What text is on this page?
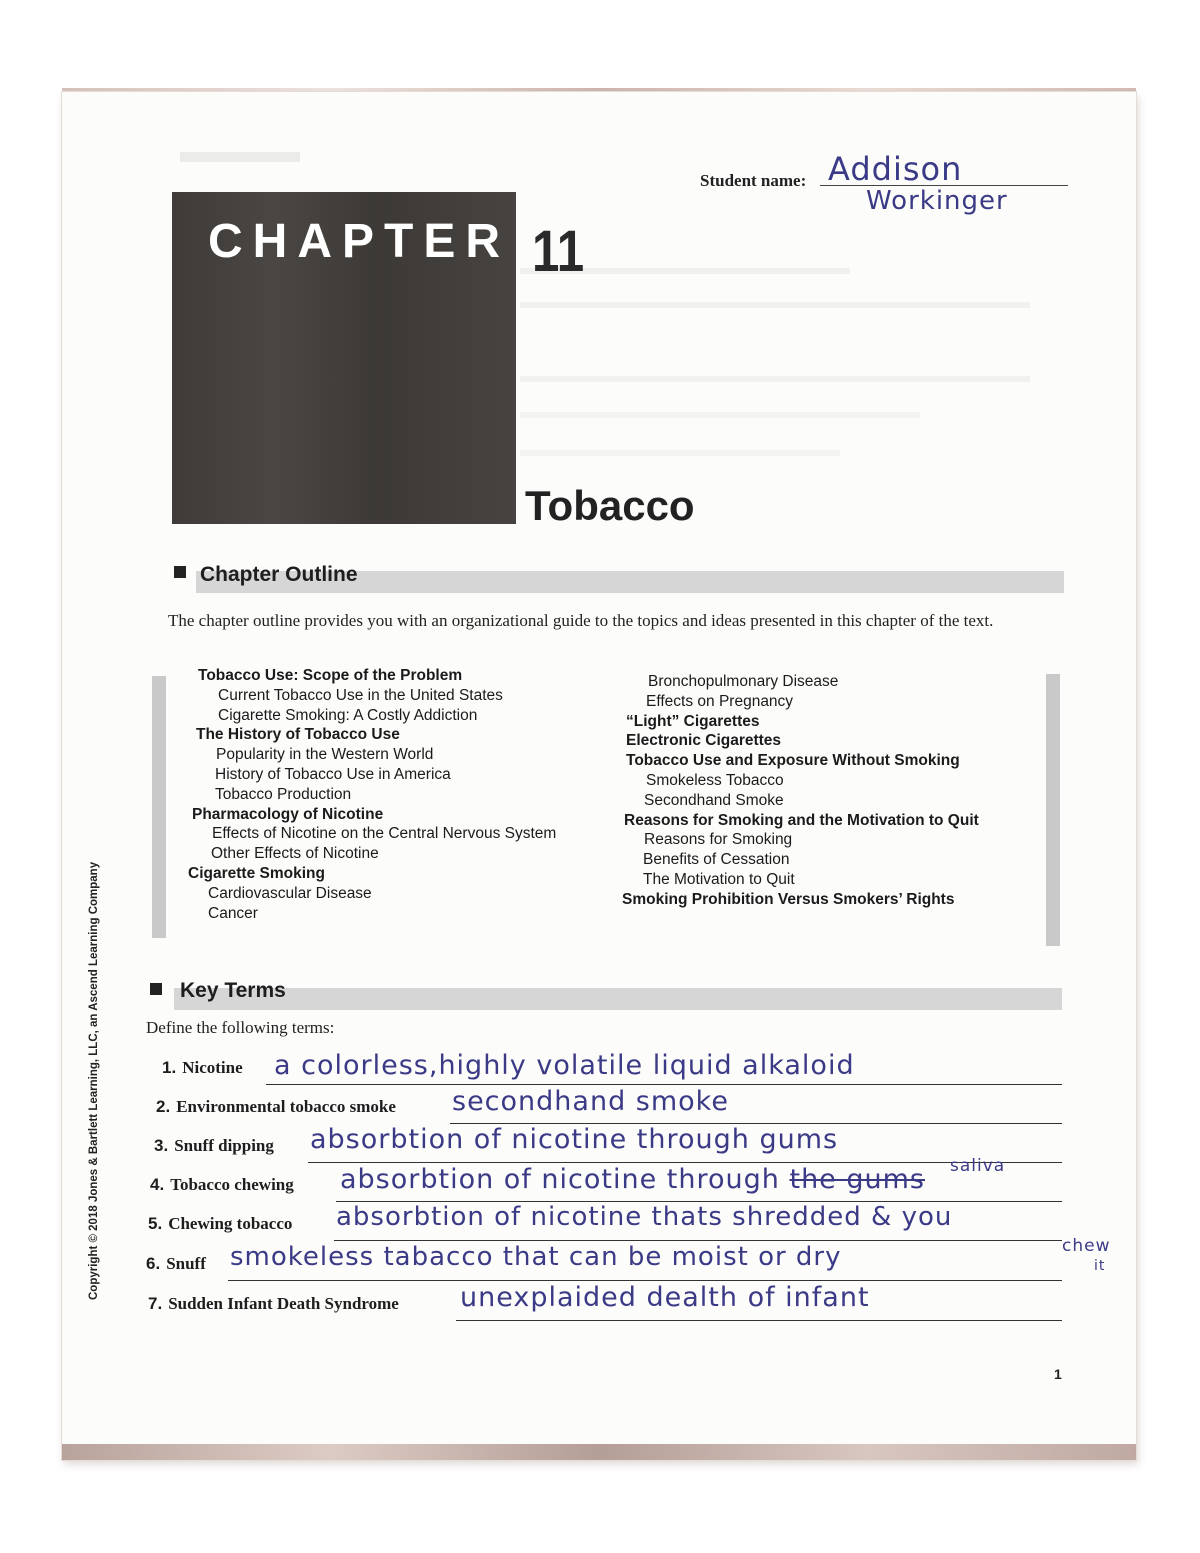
Student name: Addison
Workinger
CHAPTER 11
Tobacco
Chapter Outline
The chapter outline provides you with an organizational guide to the topics and ideas presented in this chapter of the text.
Tobacco Use: Scope of the Problem
Current Tobacco Use in the United States
Cigarette Smoking: A Costly Addiction
The History of Tobacco Use
Popularity in the Western World
History of Tobacco Use in America
Tobacco Production
Pharmacology of Nicotine
Effects of Nicotine on the Central Nervous System
Other Effects of Nicotine
Cigarette Smoking
Cardiovascular Disease
Cancer
Bronchopulmonary Disease
Effects on Pregnancy
“Light” Cigarettes
Electronic Cigarettes
Tobacco Use and Exposure Without Smoking
Smokeless Tobacco
Secondhand Smoke
Reasons for Smoking and the Motivation to Quit
Reasons for Smoking
Benefits of Cessation
The Motivation to Quit
Smoking Prohibition Versus Smokers’ Rights
Key Terms
Define the following terms:
1. Nicotine a colorless,highly volatile liquid alkaloid
2. Environmental tobacco smoke secondhand smoke
3. Snuff dipping absorbtion of nicotine through gums
4. Tobacco chewing absorbtion of nicotine through the gums saliva
5. Chewing tobacco absorbtion of nicotine thats shredded & you
6. Snuff smokeless tabacco that can be moist or dry	chew
it
7. Sudden Infant Death Syndrome unexplaided dealth of infant
Copyright © 2018 Jones & Bartlett Learning, LLC, an Ascend Learning Company
1
